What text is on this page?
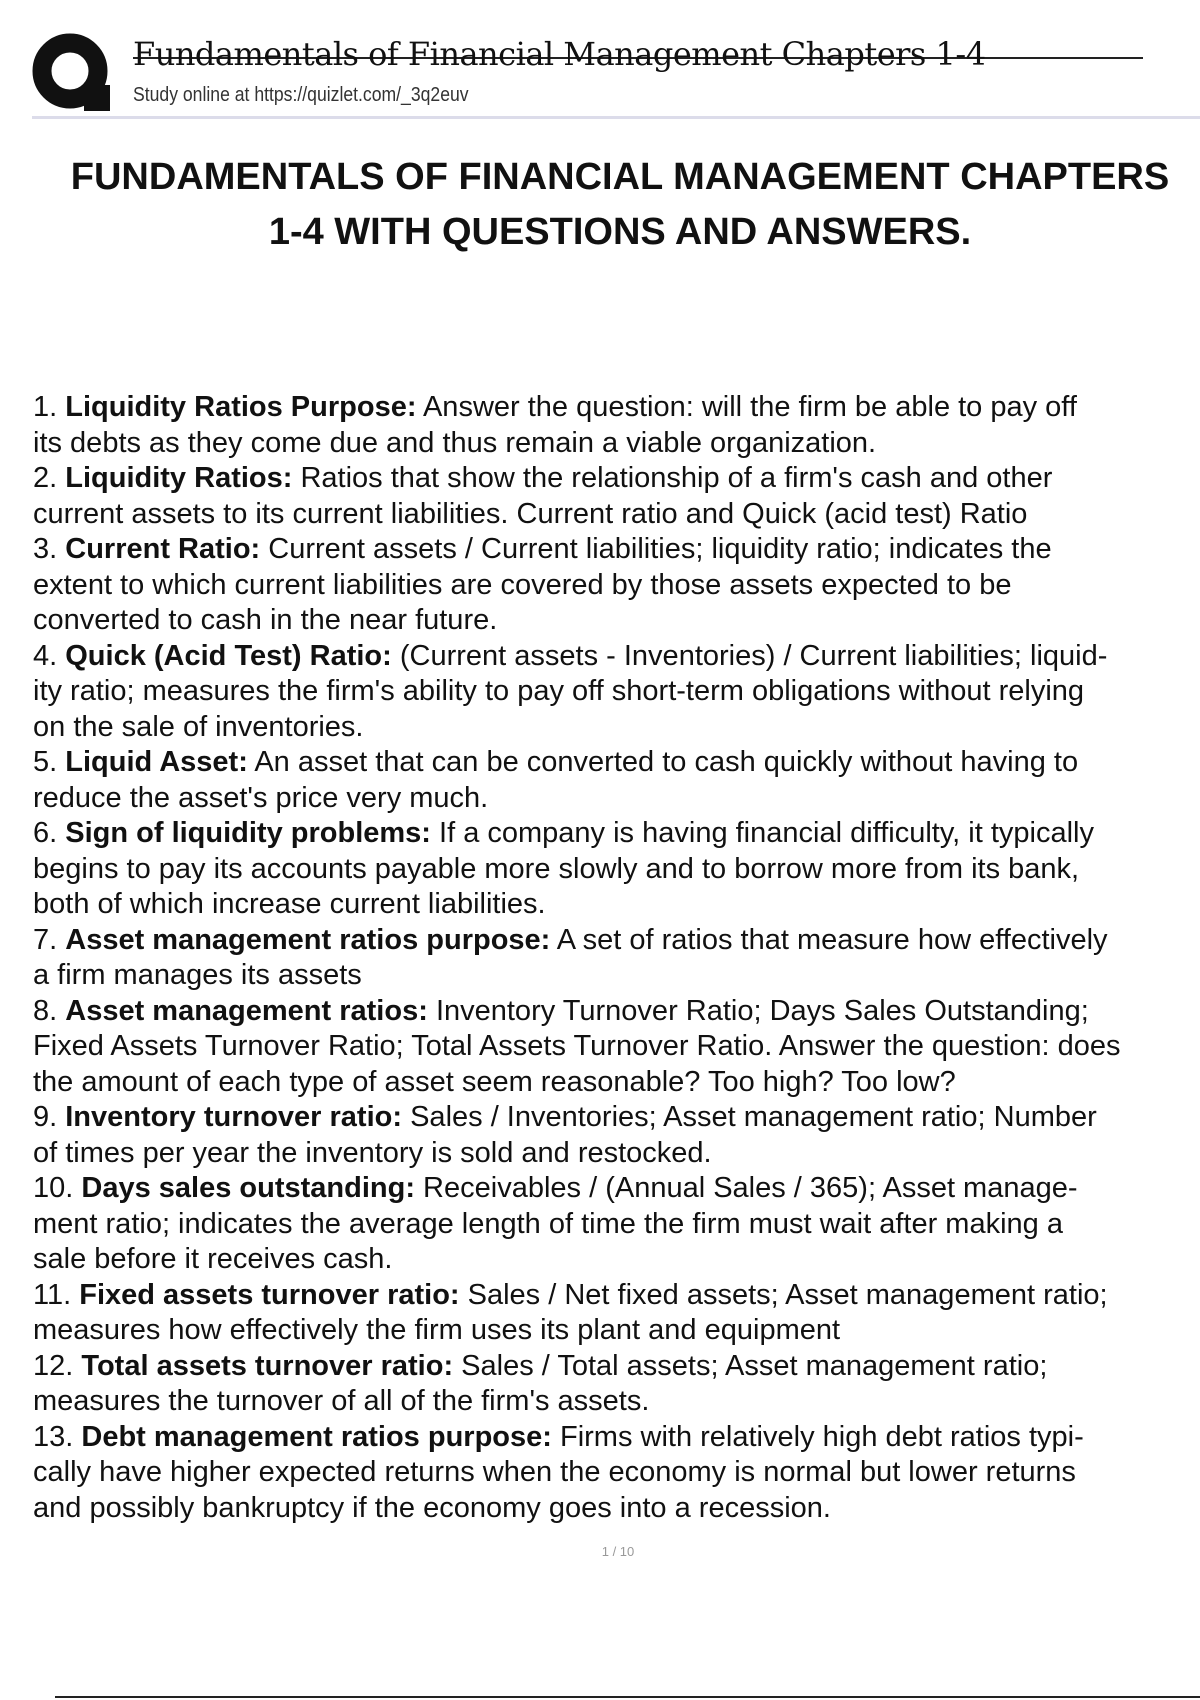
Fundamentals of Financial Management Chapters 1-4
Study online at https://quizlet.com/_3q2euv
FUNDAMENTALS OF FINANCIAL MANAGEMENT CHAPTERS
1-4 WITH QUESTIONS AND ANSWERS.
1. Liquidity Ratios Purpose: Answer the question: will the firm be able to pay off
its debts as they come due and thus remain a viable organization.
2. Liquidity Ratios: Ratios that show the relationship of a firm's cash and other
current assets to its current liabilities. Current ratio and Quick (acid test) Ratio
3. Current Ratio: Current assets / Current liabilities; liquidity ratio; indicates the
extent to which current liabilities are covered by those assets expected to be
converted to cash in the near future.
4. Quick (Acid Test) Ratio: (Current assets - Inventories) / Current liabilities; liquid-
ity ratio; measures the firm's ability to pay off short-term obligations without relying
on the sale of inventories.
5. Liquid Asset: An asset that can be converted to cash quickly without having to
reduce the asset's price very much.
6. Sign of liquidity problems: If a company is having financial difficulty, it typically
begins to pay its accounts payable more slowly and to borrow more from its bank,
both of which increase current liabilities.
7. Asset management ratios purpose: A set of ratios that measure how effectively
a firm manages its assets
8. Asset management ratios: Inventory Turnover Ratio; Days Sales Outstanding;
Fixed Assets Turnover Ratio; Total Assets Turnover Ratio. Answer the question: does
the amount of each type of asset seem reasonable? Too high? Too low?
9. Inventory turnover ratio: Sales / Inventories; Asset management ratio; Number
of times per year the inventory is sold and restocked.
10. Days sales outstanding: Receivables / (Annual Sales / 365); Asset manage-
ment ratio; indicates the average length of time the firm must wait after making a
sale before it receives cash.
11. Fixed assets turnover ratio: Sales / Net fixed assets; Asset management ratio;
measures how effectively the firm uses its plant and equipment
12. Total assets turnover ratio: Sales / Total assets; Asset management ratio;
measures the turnover of all of the firm's assets.
13. Debt management ratios purpose: Firms with relatively high debt ratios typi-
cally have higher expected returns when the economy is normal but lower returns
and possibly bankruptcy if the economy goes into a recession.
1 / 10
